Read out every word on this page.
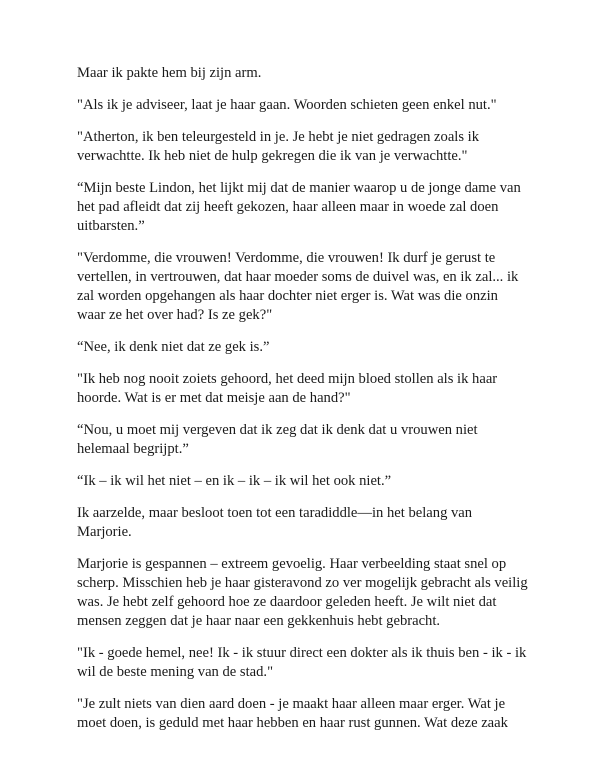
Maar ik pakte hem bij zijn arm.

"Als ik je adviseer, laat je haar gaan. Woorden schieten geen enkel nut."

"Atherton, ik ben teleurgesteld in je. Je hebt je niet gedragen zoals ik verwachtte. Ik heb niet de hulp gekregen die ik van je verwachtte."

“Mijn beste Lindon, het lijkt mij dat de manier waarop u de jonge dame van het pad afleidt dat zij heeft gekozen, haar alleen maar in woede zal doen uitbarsten.”

"Verdomme, die vrouwen! Verdomme, die vrouwen! Ik durf je gerust te vertellen, in vertrouwen, dat haar moeder soms de duivel was, en ik zal... ik zal worden opgehangen als haar dochter niet erger is. Wat was die onzin waar ze het over had? Is ze gek?"

“Nee, ik denk niet dat ze gek is.”

"Ik heb nog nooit zoiets gehoord, het deed mijn bloed stollen als ik haar hoorde. Wat is er met dat meisje aan de hand?"

“Nou, u moet mij vergeven dat ik zeg dat ik denk dat u vrouwen niet helemaal begrijpt.”

“Ik – ik wil het niet – en ik – ik – ik wil het ook niet.”

Ik aarzelde, maar besloot toen tot een taradiddle—in het belang van Marjorie.

Marjorie is gespannen – extreem gevoelig. Haar verbeelding staat snel op scherp. Misschien heb je haar gisteravond zo ver mogelijk gebracht als veilig was. Je hebt zelf gehoord hoe ze daardoor geleden heeft. Je wilt niet dat mensen zeggen dat je haar naar een gekkenhuis hebt gebracht.

"Ik - goede hemel, nee! Ik - ik stuur direct een dokter als ik thuis ben - ik - ik wil de beste mening van de stad."

"Je zult niets van dien aard doen - je maakt haar alleen maar erger. Wat je moet doen, is geduld met haar hebben en haar rust gunnen. Wat deze zaak
